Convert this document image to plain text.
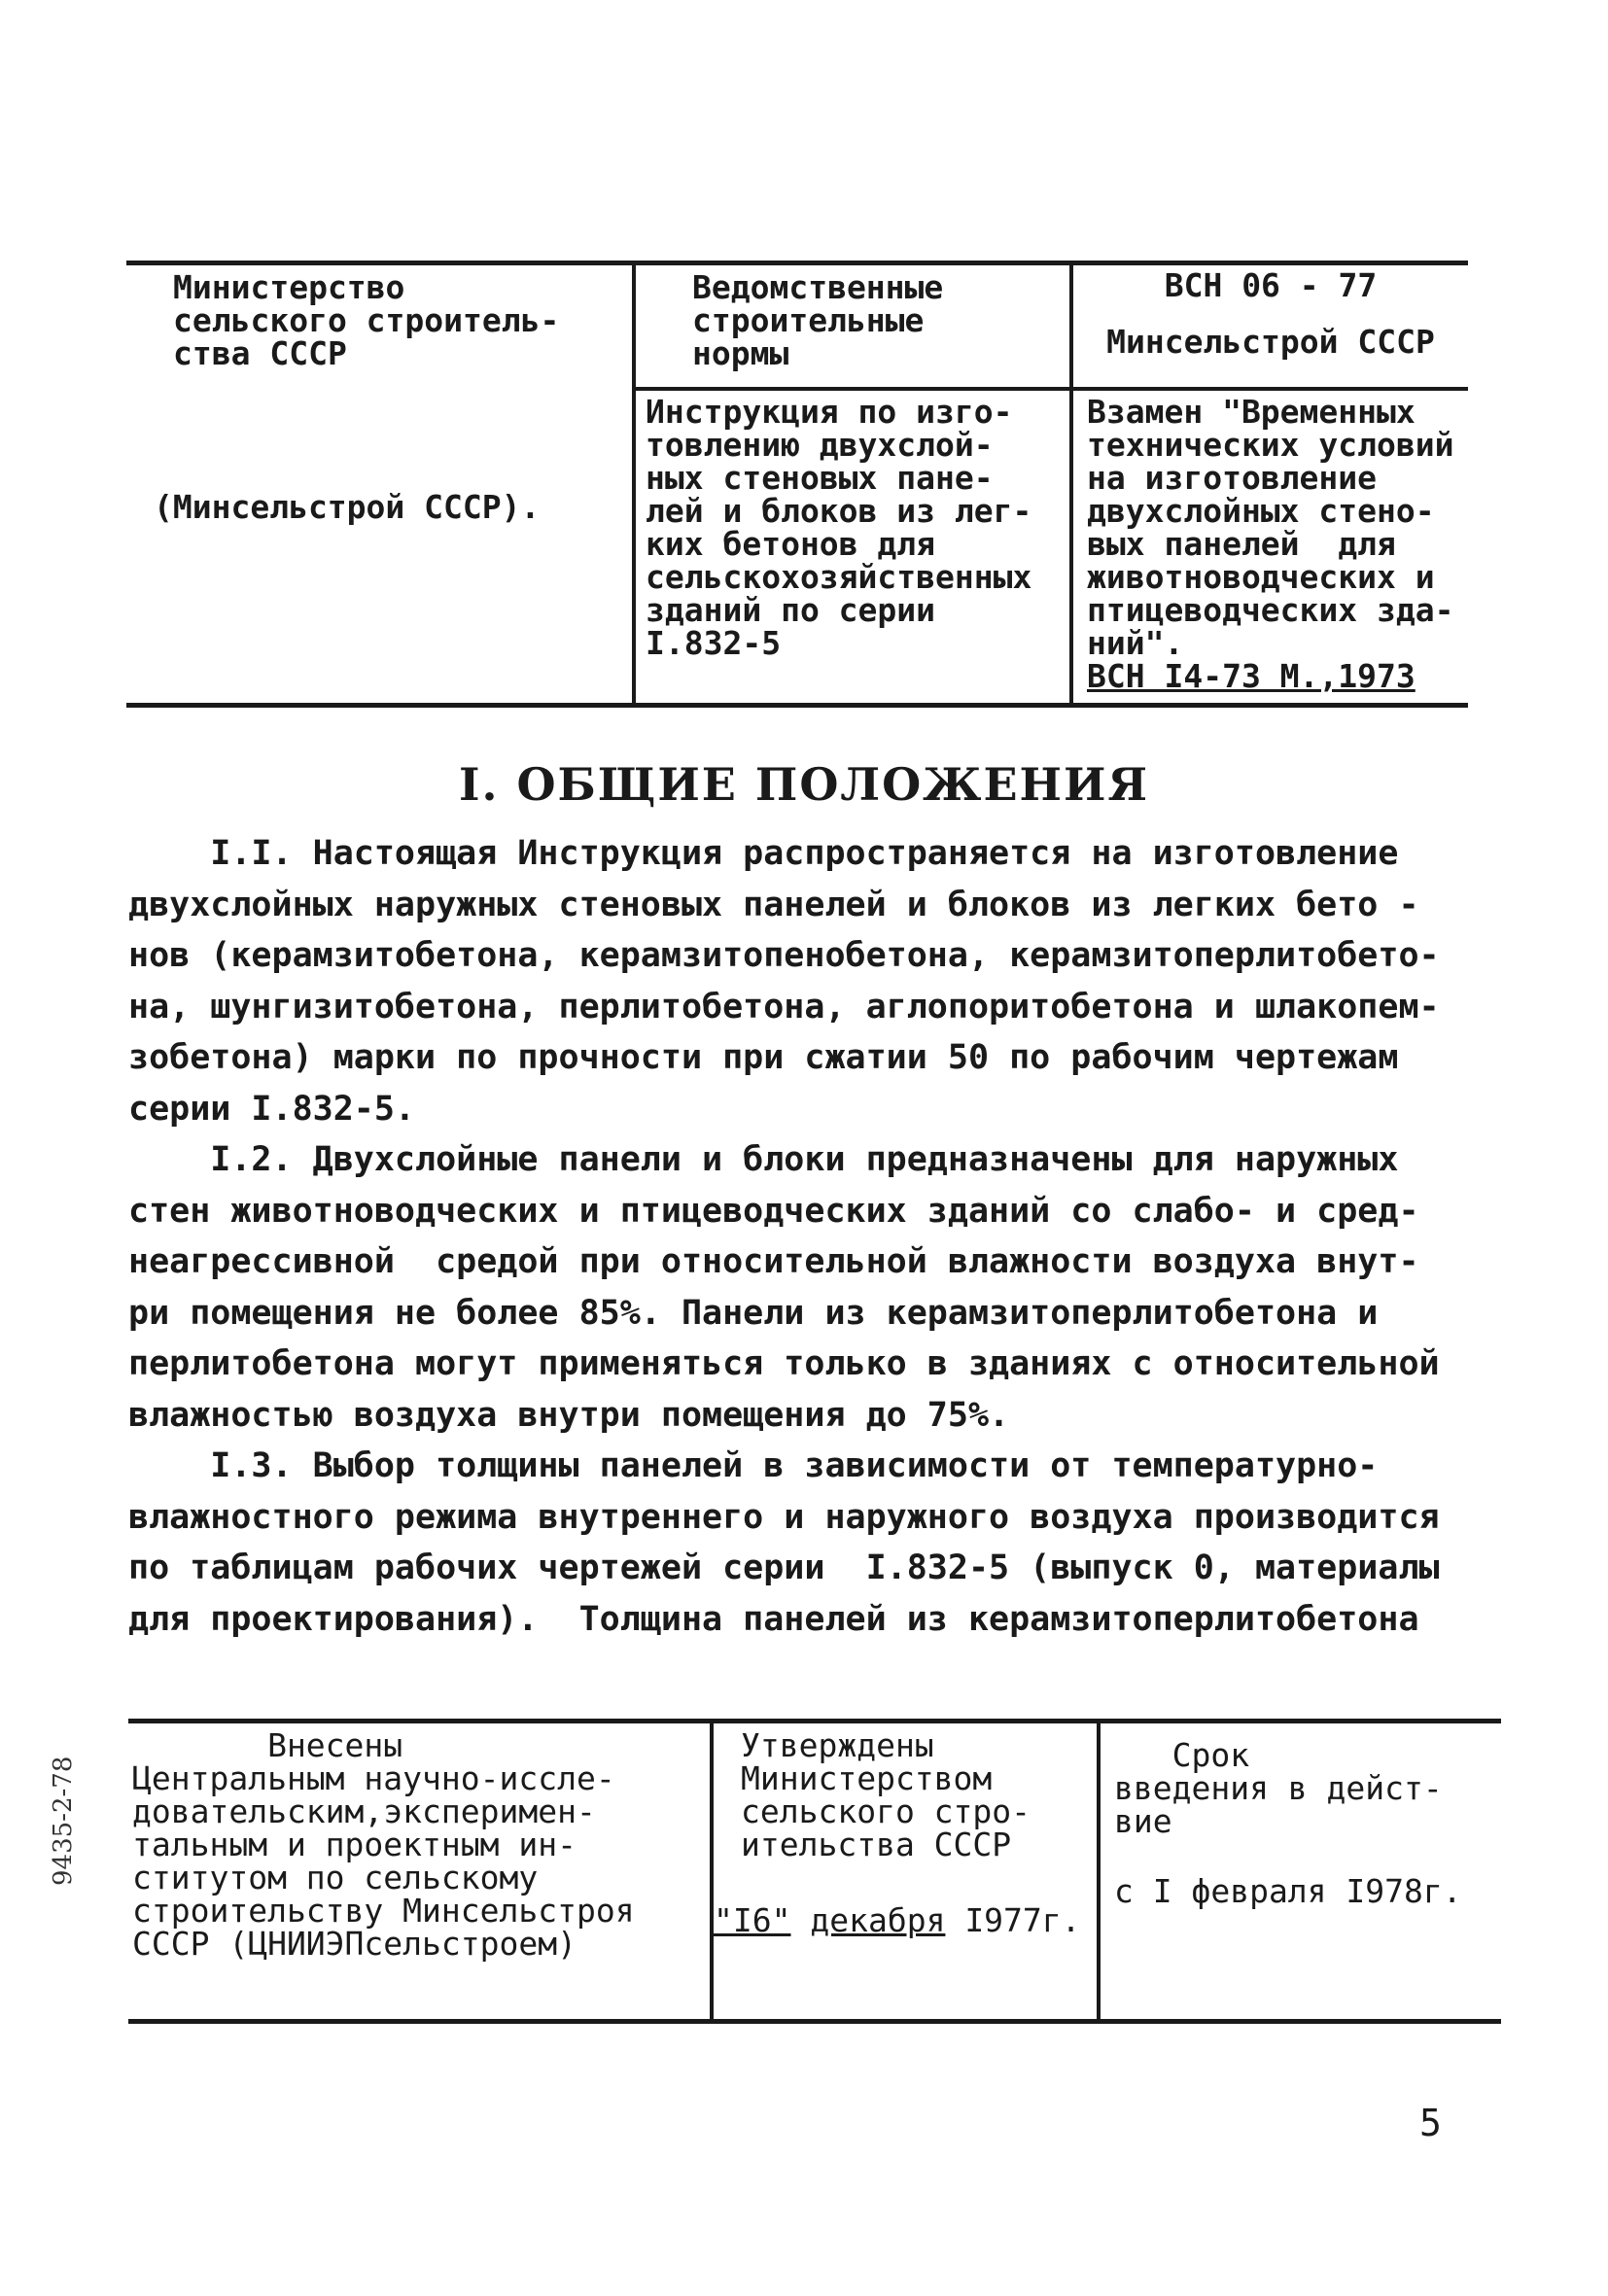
Министерство
сельского строитель-
ства СССР
(Минсельстрой СССР).
Ведомственные
строительные
нормы
Инструкция по изго-
товлению двухслой-
ных стеновых пане-
лей и блоков из лег-
ких бетонов для
сельскохозяйственных
зданий по серии
I.832-5
ВСН 06 - 77
Минсельстрой СССР
Взамен "Временных
технических условий
на изготовление
двухслойных стено-
вых панелей  для
животноводческих и
птицеводческих зда-
ний".
ВСН I4-73 М.,1973
I. ОБЩИЕ ПОЛОЖЕНИЯ
I.I. Настоящая Инструкция распространяется на изготовление
двухслойных наружных стеновых панелей и блоков из легких бето -
нов (керамзитобетона, керамзитопенобетона, керамзитоперлитобето-
на, шунгизитобетона, перлитобетона, аглопоритобетона и шлакопем-
зобетона) марки по прочности при сжатии 50 по рабочим чертежам
серии I.832-5.
I.2. Двухслойные панели и блоки предназначены для наружных
стен животноводческих и птицеводческих зданий со слабо- и сред-
неагрессивной  средой при относительной влажности воздуха внут-
ри помещения не более 85%. Панели из керамзитоперлитобетона и
перлитобетона могут применяться только в зданиях с относительной
влажностью воздуха внутри помещения до 75%.
I.3. Выбор толщины панелей в зависимости от температурно-
влажностного режима внутреннего и наружного воздуха производится
по таблицам рабочих чертежей серии  I.832-5 (выпуск 0, материалы
для проектирования).  Толщина панелей из керамзитоперлитобетона
9435-2-78
Внесены
Центральным научно-иссле-
довательским,эксперимен-
тальным и проектным ин-
ститутом по сельскому
строительству Минсельстроя
СССР (ЦНИИЭПсельстроем)
Утверждены
Министерством
сельского стро-
ительства СССР
"I6" декабря I977г.
Срок
введения в дейст-
вие
с I февраля I978г.
5
